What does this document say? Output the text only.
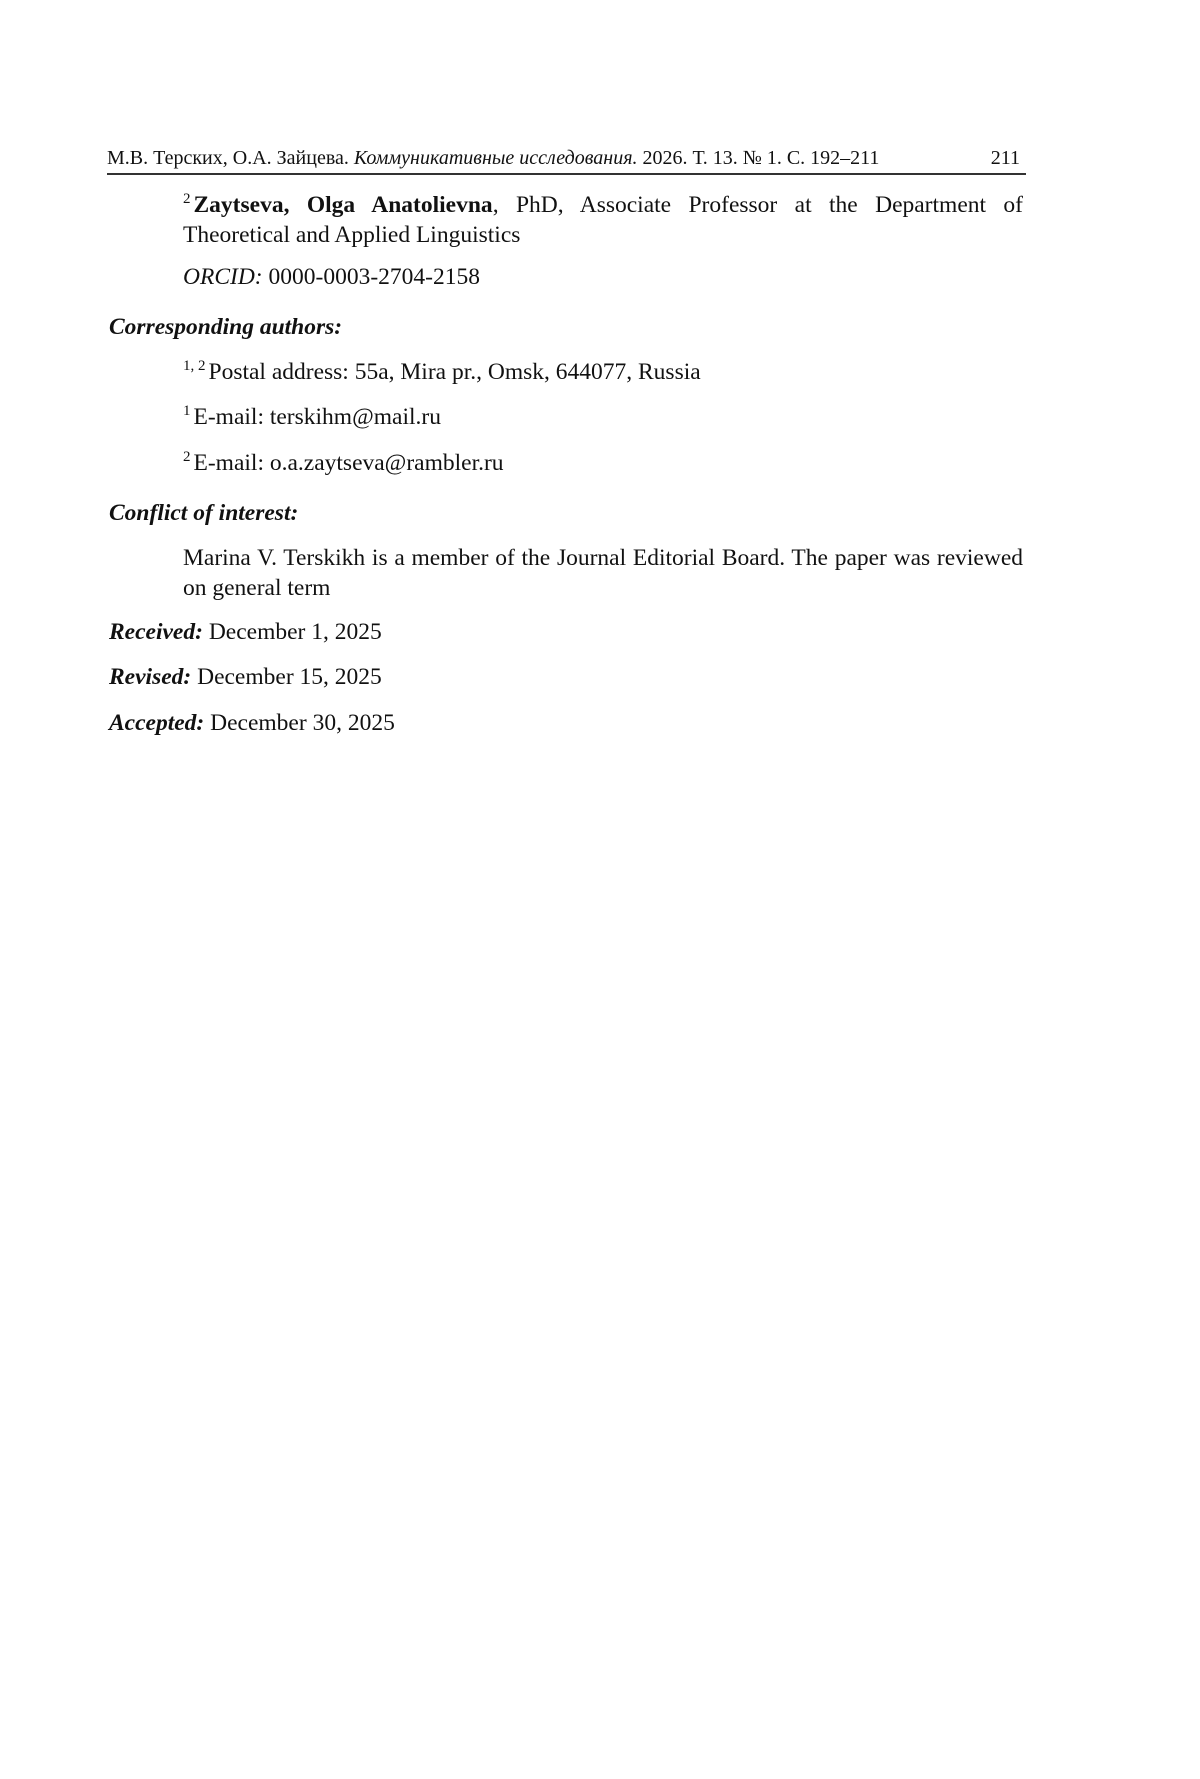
М.В. Терских, О.А. Зайцева. Коммуникативные исследования. 2026. Т. 13. № 1. С. 192–211	211
$^2$ Zaytseva, Olga Anatolievna, PhD, Associate Professor at the Department of Theoretical and Applied Linguistics
ORCID: 0000-0003-2704-2158
Corresponding authors:
$^{1, 2}$ Postal address: 55a, Mira pr., Omsk, 644077, Russia
$^1$ E-mail: terskihm@mail.ru
$^2$ E-mail: o.a.zaytseva@rambler.ru
Conflict of interest:
Marina V. Terskikh is a member of the Journal Editorial Board. The paper was reviewed on general term
Received: December 1, 2025
Revised: December 15, 2025
Accepted: December 30, 2025
